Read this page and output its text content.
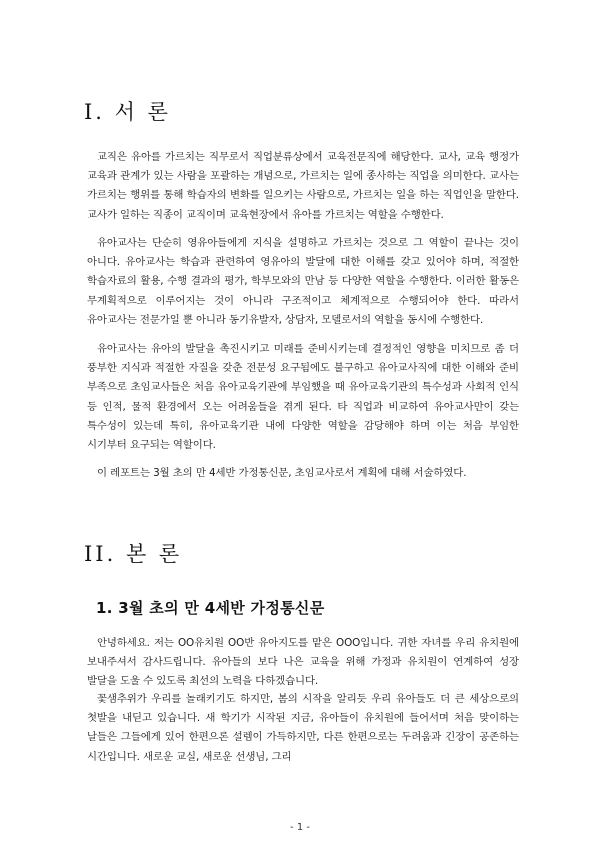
I. 서 론

교직은 유아를 가르치는 직무로서 직업분류상에서 교육전문직에 해당한다. 교사, 교육 행정가 교육과 관계가 있는 사람을 포괄하는 개념으로, 가르치는 일에 종사하는 직업을 의미한다. 교사는 가르치는 행위를 통해 학습자의 변화를 일으키는 사람으로, 가르치는 일을 하는 직업인을 말한다. 교사가 일하는 직종이 교직이며 교육현장에서 유아를 가르치는 역할을 수행한다.

유아교사는 단순히 영유아들에게 지식을 설명하고 가르치는 것으로 그 역할이 끝나는 것이 아니다. 유아교사는 학습과 관련하여 영유아의 발달에 대한 이해를 갖고 있어야 하며, 적절한 학습자료의 활용, 수행 결과의 평가, 학부모와의 만남 등 다양한 역할을 수행한다. 이러한 활동은 무계획적으로 이루어지는 것이 아니라 구조적이고 체계적으로 수행되어야 한다. 따라서 유아교사는 전문가일 뿐 아니라 동기유발자, 상담자, 모델로서의 역할을 동시에 수행한다.

유아교사는 유아의 발달을 촉진시키고 미래를 준비시키는데 결정적인 영향을 미치므로 좀 더 풍부한 지식과 적절한 자질을 갖춘 전문성 요구됨에도 불구하고 유아교사직에 대한 이해와 준비 부족으로 초임교사들은 처음 유아교육기관에 부임했을 때 유아교육기관의 특수성과 사회적 인식 등 인적, 물적 환경에서 오는 어려움들을 겪게 된다. 타 직업과 비교하여 유아교사만이 갖는 특수성이 있는데 특히, 유아교육기관 내에 다양한 역할을 감당해야 하며 이는 처음 부임한 시기부터 요구되는 역할이다.

이 레포트는 3월 초의 만 4세반 가정통신문, 초임교사로서 계획에 대해 서술하였다.

II. 본 론
1. 3월 초의 만 4세반 가정통신문

안녕하세요. 저는 OO유치원 OO반 유아지도를 맡은 OOO입니다. 귀한 자녀를 우리 유치원에 보내주셔서 감사드립니다. 유아들의 보다 나은 교육을 위해 가정과 유치원이 연계하여 성장 발달을 도울 수 있도록 최선의 노력을 다하겠습니다.

꽃샘추위가 우리를 놀래키기도 하지만, 봄의 시작을 알리듯 우리 유아들도 더 큰 세상으로의 첫발을 내딛고 있습니다. 새 학기가 시작된 지금, 유아들이 유치원에 들어서며 처음 맞이하는 날들은 그들에게 있어 한편으론 설렘이 가득하지만, 다른 한편으로는 두려움과 긴장이 공존하는 시간입니다. 새로운 교실, 새로운 선생님, 그리

- 1 -
